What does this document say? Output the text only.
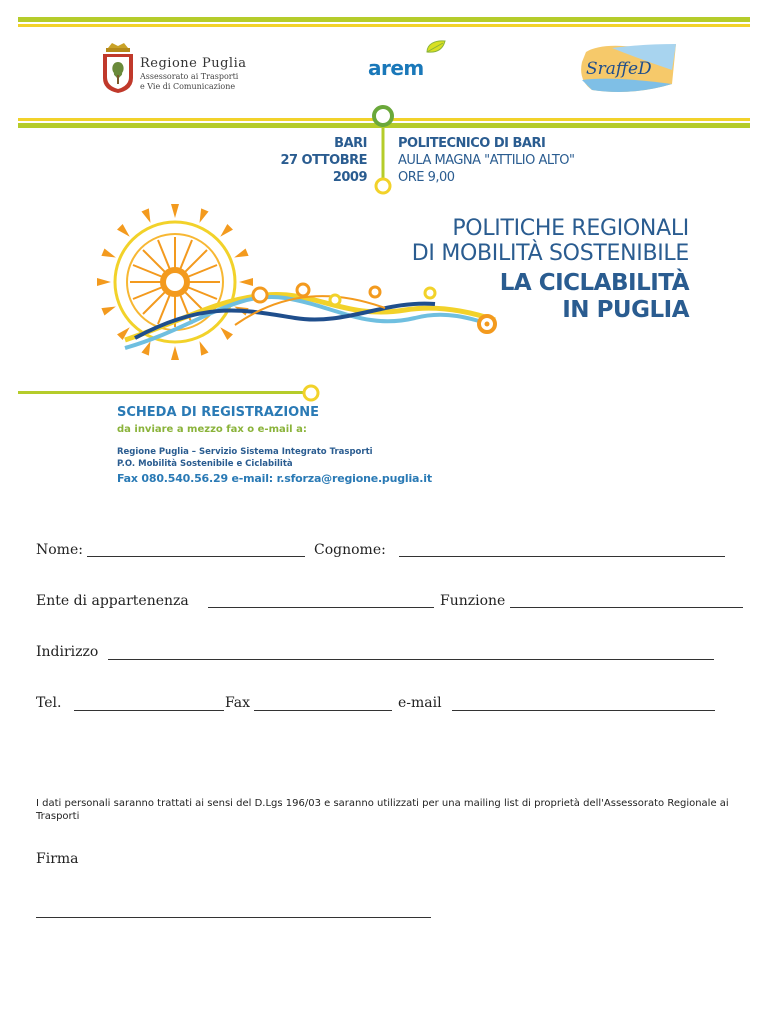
Regione Puglia
Assessorato ai Trasporti
e Vie di Comunicazione
arem	SraffeD
BARI
27 OTTOBRE
2009
POLITECNICO DI BARI
AULA MAGNA "ATTILIO ALTO"
ORE 9,00
POLITICHE REGIONALI
DI MOBILITÀ SOSTENIBILE
LA CICLABILITÀ
IN PUGLIA
SCHEDA DI REGISTRAZIONE
da inviare a mezzo fax o e-mail a:
Regione Puglia – Servizio Sistema Integrato Trasporti
P.O. Mobilità Sostenibile e Ciclabilità
Fax 080.540.56.29 e-mail: r.sforza@regione.puglia.it
Nome:	Cognome:
Ente di appartenenza	Funzione
Indirizzo
Tel.	Fax	e-mail
I dati personali saranno trattati ai sensi del D.Lgs 196/03 e saranno utilizzati per una mailing list di proprietà dell'Assessorato Regionale ai Trasporti
Firma
